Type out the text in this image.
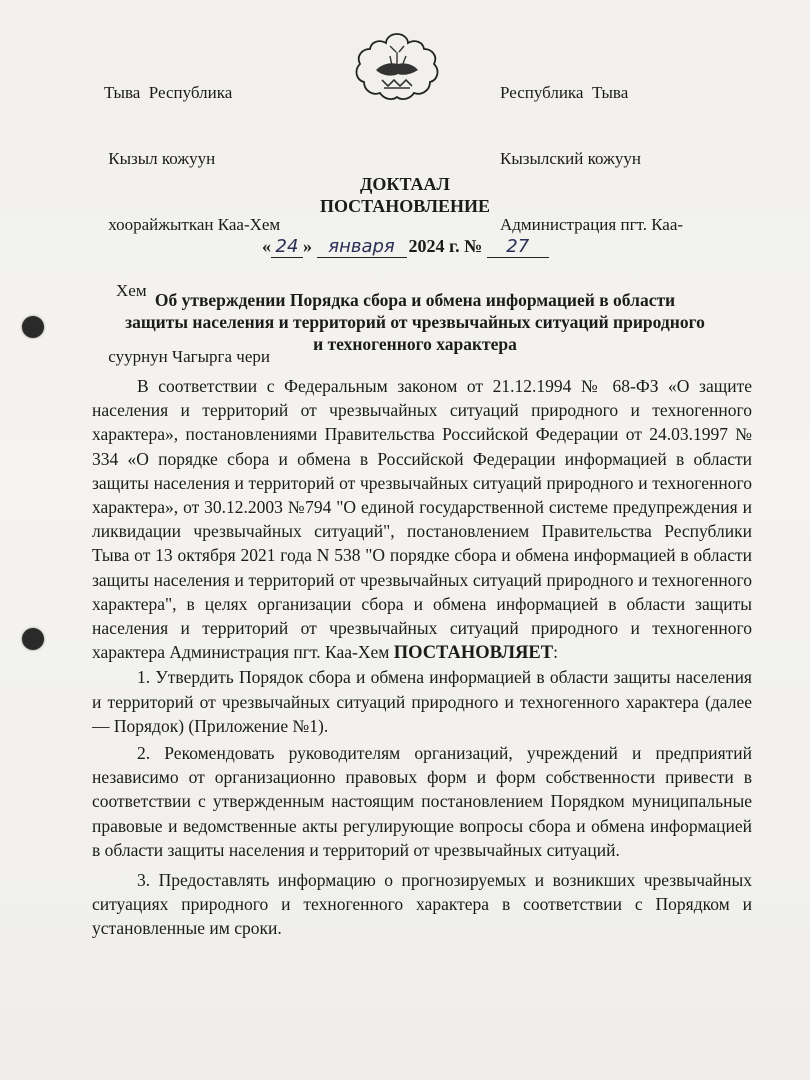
Тыва  Республика

Кызыл кожуун

хоорайжыткан Каа-Хем

Хем

суурнун Чагырга чери

Республика  Тыва

Кызылский кожуун

Администрация пгт. Каа-

ДОКТААЛ
ПОСТАНОВЛЕНИЕ
« 24 » января 2024 г. № 27
Об утверждении Порядка сбора и обмена информацией в области
защиты населения и территорий от чрезвычайных ситуаций природного
и техногенного характера

В соответствии с Федеральным законом от 21.12.1994 № 68-ФЗ «О защите населения и территорий от чрезвычайных ситуаций природного и техногенного характера», постановлениями Правительства Российской Федерации от 24.03.1997 № 334 «О порядке сбора и обмена в Российской Федерации информацией в области защиты населения и территорий от чрезвычайных ситуаций природного и техногенного характера», от 30.12.2003 №794 "О единой государственной системе предупреждения и ликвидации чрезвычайных ситуаций", постановлением Правительства Республики Тыва от 13 октября 2021 года N 538 "О порядке сбора и обмена информацией в области защиты населения и территорий от чрезвычайных ситуаций природного и техногенного характера", в целях организации сбора и обмена информацией в области защиты населения и территорий от чрезвычайных ситуаций природного и техногенного характера Администрация пгт. Каа-Хем ПОСТАНОВЛЯЕТ:

1. Утвердить Порядок сбора и обмена информацией в области защиты населения и территорий от чрезвычайных ситуаций природного и техногенного характера (далее — Порядок) (Приложение №1).

2. Рекомендовать руководителям организаций, учреждений и предприятий независимо от организационно правовых форм и форм собственности привести в соответствии с утвержденным настоящим постановлением Порядком муниципальные правовые и ведомственные акты регулирующие вопросы сбора и обмена информацией в области защиты населения и территорий от чрезвычайных ситуаций.

3. Предоставлять информацию о прогнозируемых и возникших чрезвычайных ситуациях природного и техногенного характера в соответствии с Порядком и установленные им сроки.
